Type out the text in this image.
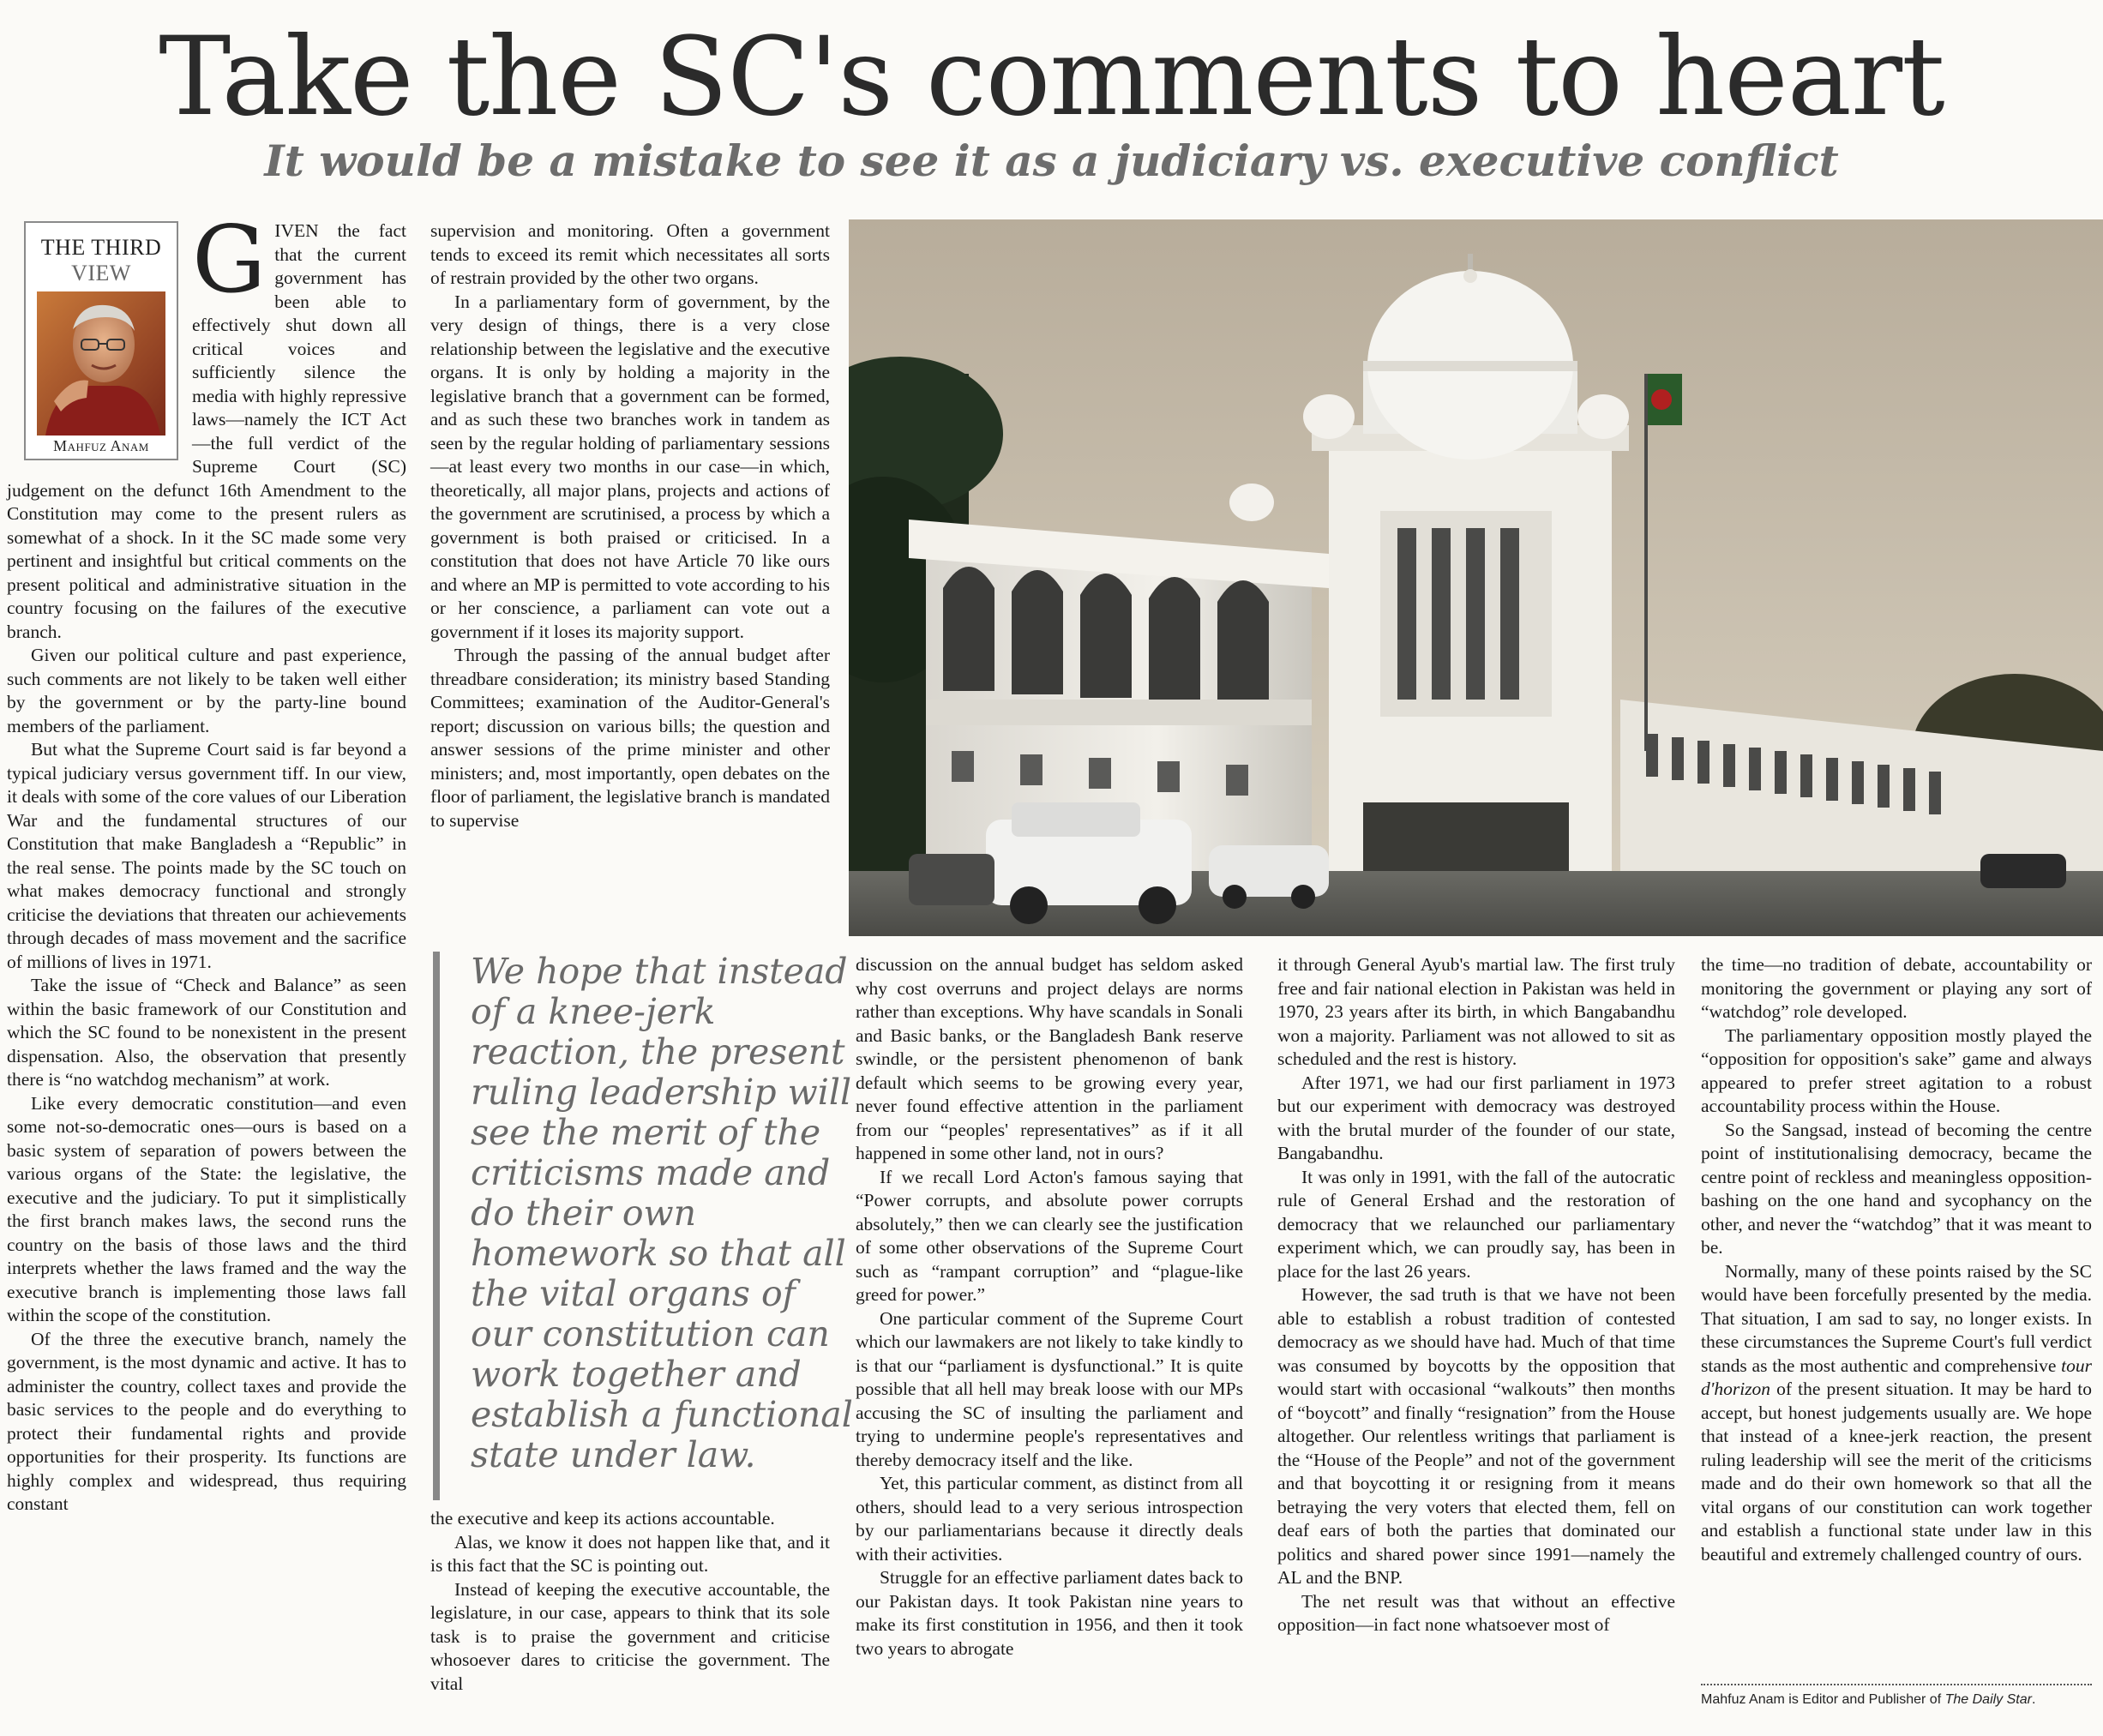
Take the SC's comments to heart
It would be a mistake to see it as a judiciary vs. executive conflict
THE THIRD
VIEW
Mahfuz Anam

GIVEN the fact that the current government has been able to effectively shut down all critical voices and sufficiently silence the media with highly repressive laws—namely the ICT Act—the full verdict of the Supreme Court (SC) judgement on the defunct 16th Amendment to the Constitution may come to the present rulers as somewhat of a shock. In it the SC made some very pertinent and insightful but critical comments on the present political and administrative situation in the country focusing on the failures of the executive branch.

Given our political culture and past experience, such comments are not likely to be taken well either by the government or by the party-line bound members of the parliament.

But what the Supreme Court said is far beyond a typical judiciary versus government tiff. In our view, it deals with some of the core values of our Liberation War and the fundamental structures of our Constitution that make Bangladesh a “Republic” in the real sense. The points made by the SC touch on what makes democracy functional and strongly criticise the deviations that threaten our achievements through decades of mass movement and the sacrifice of millions of lives in 1971.

Take the issue of “Check and Balance” as seen within the basic framework of our Constitution and which the SC found to be nonexistent in the present dispensation. Also, the observation that presently there is “no watchdog mechanism” at work.

Like every democratic constitution—and even some not-so-democratic ones—ours is based on a basic system of separation of powers between the various organs of the State: the legislative, the executive and the judiciary. To put it simplistically the first branch makes laws, the second runs the country on the basis of those laws and the third interprets whether the laws framed and the way the executive branch is implementing those laws fall within the scope of the constitution.

Of the three the executive branch, namely the government, is the most dynamic and active. It has to administer the country, collect taxes and provide the basic services to the people and do everything to protect their fundamental rights and provide opportunities for their prosperity. Its functions are highly complex and widespread, thus requiring constant

supervision and monitoring. Often a government tends to exceed its remit which necessitates all sorts of restrain provided by the other two organs.

In a parliamentary form of government, by the very design of things, there is a very close relationship between the legislative and the executive organs. It is only by holding a majority in the legislative branch that a government can be formed, and as such these two branches work in tandem as seen by the regular holding of parliamentary sessions—at least every two months in our case—in which, theoretically, all major plans, projects and actions of the government are scrutinised, a process by which a government is both praised or criticised. In a constitution that does not have Article 70 like ours and where an MP is permitted to vote according to his or her conscience, a parliament can vote out a government if it loses its majority support.

Through the passing of the annual budget after threadbare consideration; its ministry based Standing Committees; examination of the Auditor-General's report; discussion on various bills; the question and answer sessions of the prime minister and other ministers; and, most importantly, open debates on the floor of parliament, the legislative branch is mandated to supervise

We hope that instead of a knee-jerk reaction, the present ruling leadership will see the merit of the criticisms made and do their own homework so that all the vital organs of our constitution can work together and establish a functional state under law.

the executive and keep its actions accountable.

Alas, we know it does not happen like that, and it is this fact that the SC is pointing out.

Instead of keeping the executive accountable, the legislature, in our case, appears to think that its sole task is to praise the government and criticise whosoever dares to criticise the government. The vital

discussion on the annual budget has seldom asked why cost overruns and project delays are norms rather than exceptions. Why have scandals in Sonali and Basic banks, or the Bangladesh Bank reserve swindle, or the persistent phenomenon of bank default which seems to be growing every year, never found effective attention in the parliament from our “peoples' representatives” as if it all happened in some other land, not in ours?

If we recall Lord Acton's famous saying that “Power corrupts, and absolute power corrupts absolutely,” then we can clearly see the justification of some other observations of the Supreme Court such as “rampant corruption” and “plague-like greed for power.”

One particular comment of the Supreme Court which our lawmakers are not likely to take kindly to is that our “parliament is dysfunctional.” It is quite possible that all hell may break loose with our MPs accusing the SC of insulting the parliament and trying to undermine people's representatives and thereby democracy itself and the like.

Yet, this particular comment, as distinct from all others, should lead to a very serious introspection by our parliamentarians because it directly deals with their activities.

Struggle for an effective parliament dates back to our Pakistan days. It took Pakistan nine years to make its first constitution in 1956, and then it took two years to abrogate

it through General Ayub's martial law. The first truly free and fair national election in Pakistan was held in 1970, 23 years after its birth, in which Bangabandhu won a majority. Parliament was not allowed to sit as scheduled and the rest is history.

After 1971, we had our first parliament in 1973 but our experiment with democracy was destroyed with the brutal murder of the founder of our state, Bangabandhu.

It was only in 1991, with the fall of the autocratic rule of General Ershad and the restoration of democracy that we relaunched our parliamentary experiment which, we can proudly say, has been in place for the last 26 years.

However, the sad truth is that we have not been able to establish a robust tradition of contested democracy as we should have had. Much of that time was consumed by boycotts by the opposition that would start with occasional “walkouts” then months of “boycott” and finally “resignation” from the House altogether. Our relentless writings that parliament is the “House of the People” and not of the government and that boycotting it or resigning from it means betraying the very voters that elected them, fell on deaf ears of both the parties that dominated our politics and shared power since 1991—namely the AL and the BNP.

The net result was that without an effective opposition—in fact none whatsoever most of

the time—no tradition of debate, accountability or monitoring the government or playing any sort of “watchdog” role developed.

The parliamentary opposition mostly played the “opposition for opposition's sake” game and always appeared to prefer street agitation to a robust accountability process within the House.

So the Sangsad, instead of becoming the centre point of institutionalising democracy, became the centre point of reckless and meaningless opposition-bashing on the one hand and sycophancy on the other, and never the “watchdog” that it was meant to be.

Normally, many of these points raised by the SC would have been forcefully presented by the media. That situation, I am sad to say, no longer exists. In these circumstances the Supreme Court's full verdict stands as the most authentic and comprehensive tour d'horizon of the present situation. It may be hard to accept, but honest judgements usually are. We hope that instead of a knee-jerk reaction, the present ruling leadership will see the merit of the criticisms made and do their own homework so that all the vital organs of our constitution can work together and establish a functional state under law in this beautiful and extremely challenged country of ours.

Mahfuz Anam is Editor and Publisher of The Daily Star.
